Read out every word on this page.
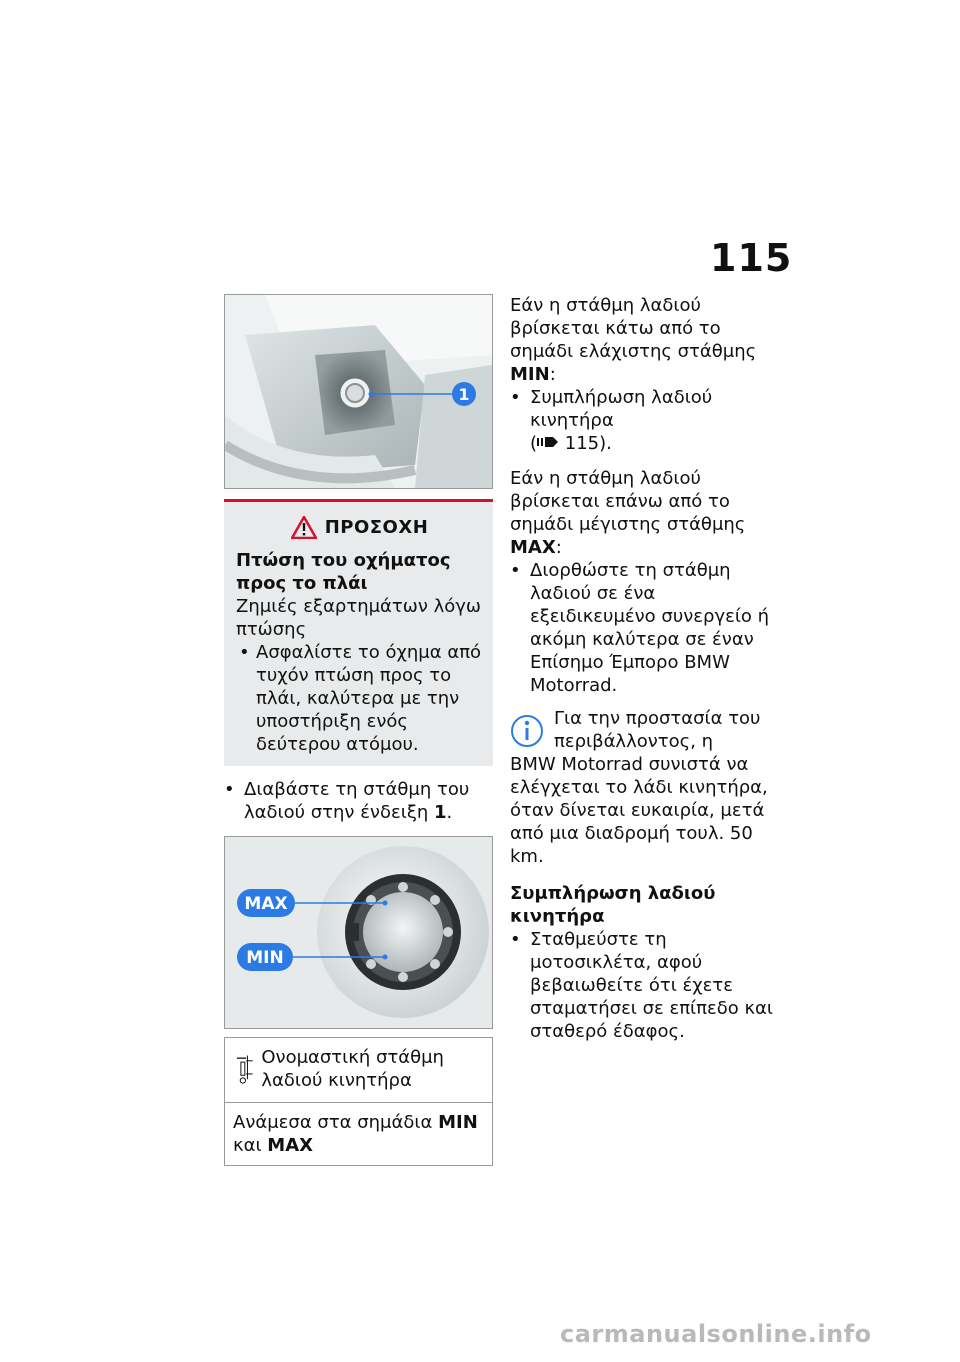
115
1
ΠΡΟΣΟΧΗ
Πτώση του οχήματος προς το πλάι

Ζημιές εξαρτημάτων λόγω πτώσης

• Ασφαλίστε το όχημα από τυχόν πτώση προς το πλάι, καλύτερα με την υποστήριξη ενός δεύτερου ατόμου.
• Διαβάστε τη στάθμη του λαδιού στην ένδειξη 1.
MAX
MIN
Ονομαστική στάθμη λαδιού κινητήρα
Ανάμεσα στα σημάδια MIN και MAX

Εάν η στάθμη λαδιού βρίσκεται κάτω από το σημάδι ελάχιστης στάθμης MIN:

• Συμπλήρωση λαδιού κινητήρα
( 115).

Εάν η στάθμη λαδιού βρίσκεται επάνω από το σημάδι μέγιστης στάθμης MAX:

• Διορθώστε τη στάθμη λαδιού σε ένα εξειδικευμένο συνεργείο ή ακόμη καλύτερα σε έναν Επίσημο Έμπορο BMW Motorrad.

Για την προστασία του περιβάλλοντος, η

BMW Motorrad συνιστά να ελέγχεται το λάδι κινητήρα, όταν δίνεται ευκαιρία, μετά από μια διαδρομή τουλ. 50 km.

Συμπλήρωση λαδιού κινητήρα
• Σταθμεύστε τη μοτοσικλέτα, αφού βεβαιωθείτε ότι έχετε σταματήσει σε επίπεδο και σταθερό έδαφος.
carmanualsonline.info
